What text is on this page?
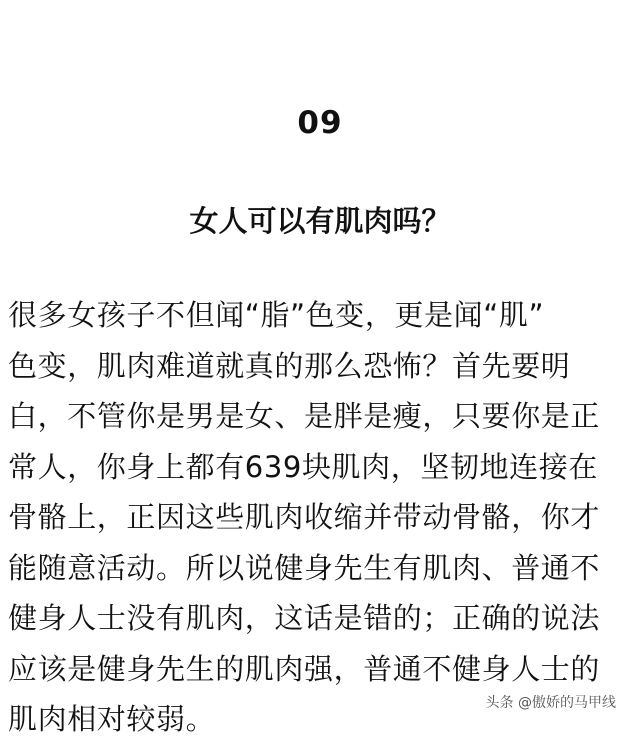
09
女人可以有肌肉吗？
很多女孩子不但闻“脂”色变，更是闻“肌”
色变，肌肉难道就真的那么恐怖？首先要明
白，不管你是男是女、是胖是瘦，只要你是正
常人，你身上都有639块肌肉，坚韧地连接在
骨骼上，正因这些肌肉收缩并带动骨骼，你才
能随意活动。所以说健身先生有肌肉、普通不
健身人士没有肌肉，这话是错的；正确的说法
应该是健身先生的肌肉强，普通不健身人士的
肌肉相对较弱。	头条 @傲娇的马甲线
